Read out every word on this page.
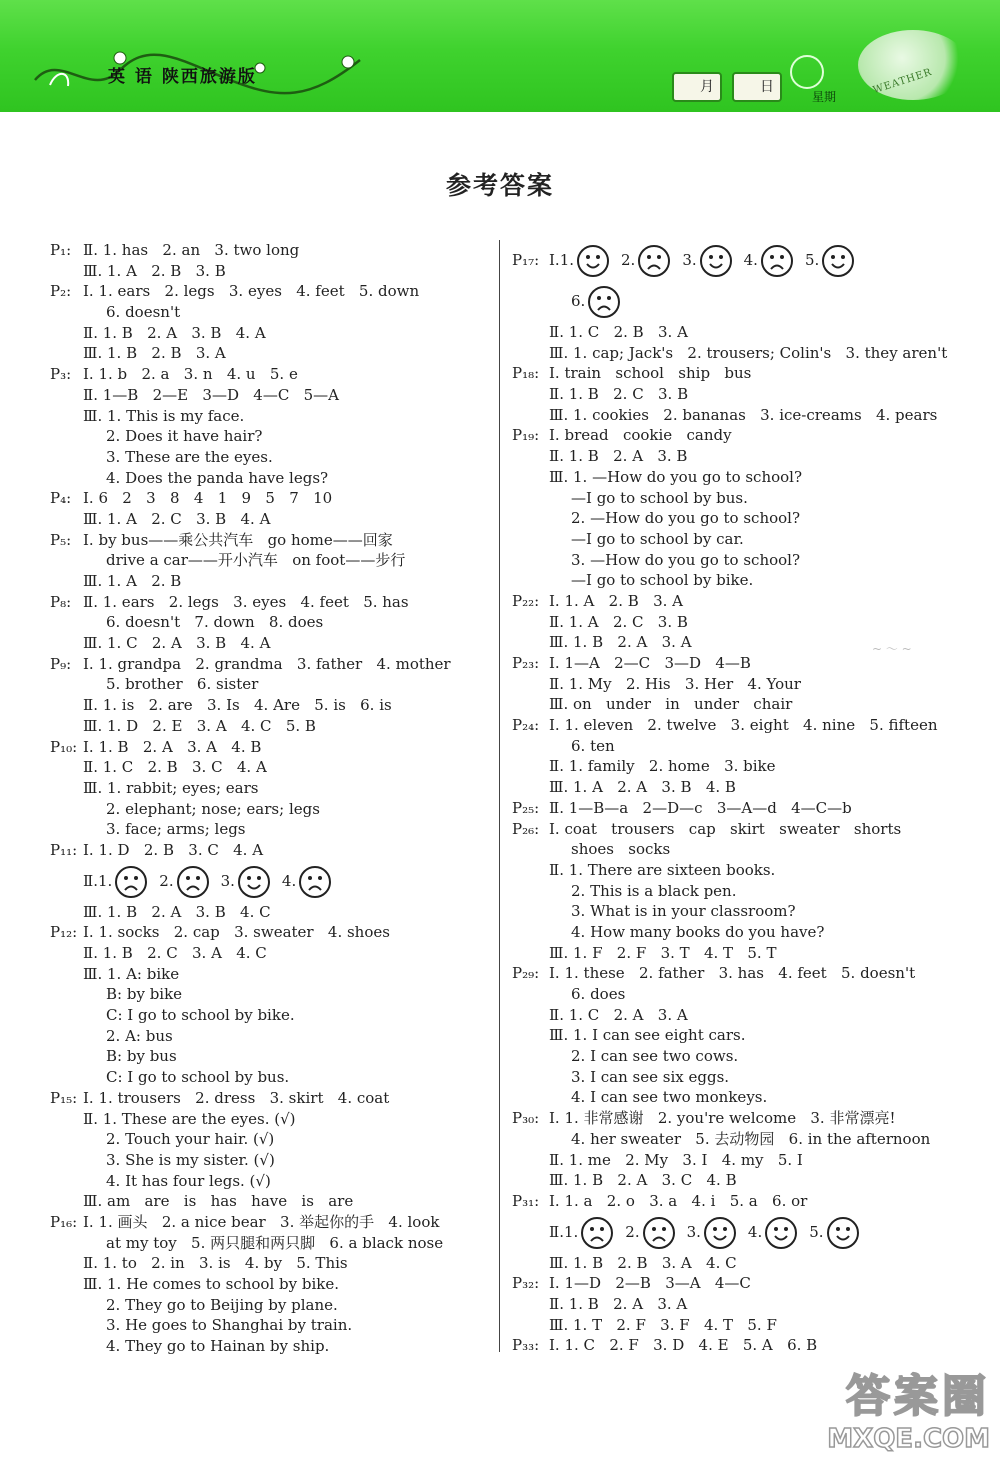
英 语 陕西旅游版	月	日
星期
WEATHER
参考答案
P₁: Ⅱ. 1. has   2. an   3. two long
Ⅲ. 1. A   2. B   3. B
P₂: Ⅰ. 1. ears   2. legs   3. eyes   4. feet   5. down
6. doesn't
Ⅱ. 1. B   2. A   3. B   4. A
Ⅲ. 1. B   2. B   3. A
P₃: Ⅰ. 1. b   2. a   3. n   4. u   5. e
Ⅱ. 1—B   2—E   3—D   4—C   5—A
Ⅲ. 1. This is my face.
2. Does it have hair?
3. These are the eyes.
4. Does the panda have legs?
P₄: Ⅰ. 6   2   3   8   4   1   9   5   7   10
Ⅲ. 1. A   2. C   3. B   4. A
P₅: Ⅰ. by bus——乘公共汽车   go home——回家
drive a car——开小汽车   on foot——步行
Ⅲ. 1. A   2. B
P₈: Ⅱ. 1. ears   2. legs   3. eyes   4. feet   5. has
6. doesn't   7. down   8. does
Ⅲ. 1. C   2. A   3. B   4. A
P₉: Ⅰ. 1. grandpa   2. grandma   3. father   4. mother
5. brother   6. sister
Ⅱ. 1. is   2. are   3. Is   4. Are   5. is   6. is
Ⅲ. 1. D   2. E   3. A   4. C   5. B
P₁₀: Ⅰ. 1. B   2. A   3. A   4. B
Ⅱ. 1. C   2. B   3. C   4. A
Ⅲ. 1. rabbit; eyes; ears
2. elephant; nose; ears; legs
3. face; arms; legs
P₁₁: Ⅰ. 1. D   2. B   3. C   4. A
Ⅱ.1.	2.	3.	4.
Ⅲ. 1. B   2. A   3. B   4. C
P₁₂: Ⅰ. 1. socks   2. cap   3. sweater   4. shoes
Ⅱ. 1. B   2. C   3. A   4. C
Ⅲ. 1. A: bike
B: by bike
C: I go to school by bike.
2. A: bus
B: by bus
C: I go to school by bus.
P₁₅: Ⅰ. 1. trousers   2. dress   3. skirt   4. coat
Ⅱ. 1. These are the eyes. (√)
2. Touch your hair. (√)
3. She is my sister. (√)
4. It has four legs. (√)
Ⅲ. am   are   is   has   have   is   are
P₁₆: Ⅰ. 1. 画头   2. a nice bear   3. 举起你的手   4. look
at my toy   5. 两只腿和两只脚   6. a black nose
Ⅱ. 1. to   2. in   3. is   4. by   5. This
Ⅲ. 1. He comes to school by bike.
2. They go to Beijing by plane.
3. He goes to Shanghai by train.
4. They go to Hainan by ship.
P₁₇: Ⅰ.1.	2.	3.	4.	5.
6.
Ⅱ. 1. C   2. B   3. A
Ⅲ. 1. cap; Jack's   2. trousers; Colin's   3. they aren't
P₁₈: Ⅰ. train   school   ship   bus
Ⅱ. 1. B   2. C   3. B
Ⅲ. 1. cookies   2. bananas   3. ice-creams   4. pears
P₁₉: Ⅰ. bread   cookie   candy
Ⅱ. 1. B   2. A   3. B
Ⅲ. 1. —How do you go to school?
—I go to school by bus.
2. —How do you go to school?
—I go to school by car.
3. —How do you go to school?
—I go to school by bike.
P₂₂: Ⅰ. 1. A   2. B   3. A
Ⅱ. 1. A   2. C   3. B
Ⅲ. 1. B   2. A   3. A
P₂₃: Ⅰ. 1—A   2—C   3—D   4—B
Ⅱ. 1. My   2. His   3. Her   4. Your
Ⅲ. on   under   in   under   chair
P₂₄: Ⅰ. 1. eleven   2. twelve   3. eight   4. nine   5. fifteen
6. ten
Ⅱ. 1. family   2. home   3. bike
Ⅲ. 1. A   2. A   3. B   4. B
P₂₅: Ⅱ. 1—B—a   2—D—c   3—A—d   4—C—b
P₂₆: Ⅰ. coat   trousers   cap   skirt   sweater   shorts
shoes   socks
Ⅱ. 1. There are sixteen books.
2. This is a black pen.
3. What is in your classroom?
4. How many books do you have?
Ⅲ. 1. F   2. F   3. T   4. T   5. T
P₂₉: Ⅰ. 1. these   2. father   3. has   4. feet   5. doesn't
6. does
Ⅱ. 1. C   2. A   3. A
Ⅲ. 1. I can see eight cars.
2. I can see two cows.
3. I can see six eggs.
4. I can see two monkeys.
P₃₀: Ⅰ. 1. 非常感谢   2. you're welcome   3. 非常漂亮!
4. her sweater   5. 去动物园   6. in the afternoon
Ⅱ. 1. me   2. My   3. I   4. my   5. I
Ⅲ. 1. B   2. A   3. C   4. B
P₃₁: Ⅰ. 1. a   2. o   3. a   4. i   5. a   6. or
Ⅱ.1.	2.	3.	4.	5.
Ⅲ. 1. B   2. B   3. A   4. C
P₃₂: Ⅰ. 1—D   2—B   3—A   4—C
Ⅱ. 1. B   2. A   3. A
Ⅲ. 1. T   2. F   3. F   4. T   5. F
P₃₃: Ⅰ. 1. C   2. F   3. D   4. E   5. A   6. B
~ ～ ~
答案圈
MXQE.COM
